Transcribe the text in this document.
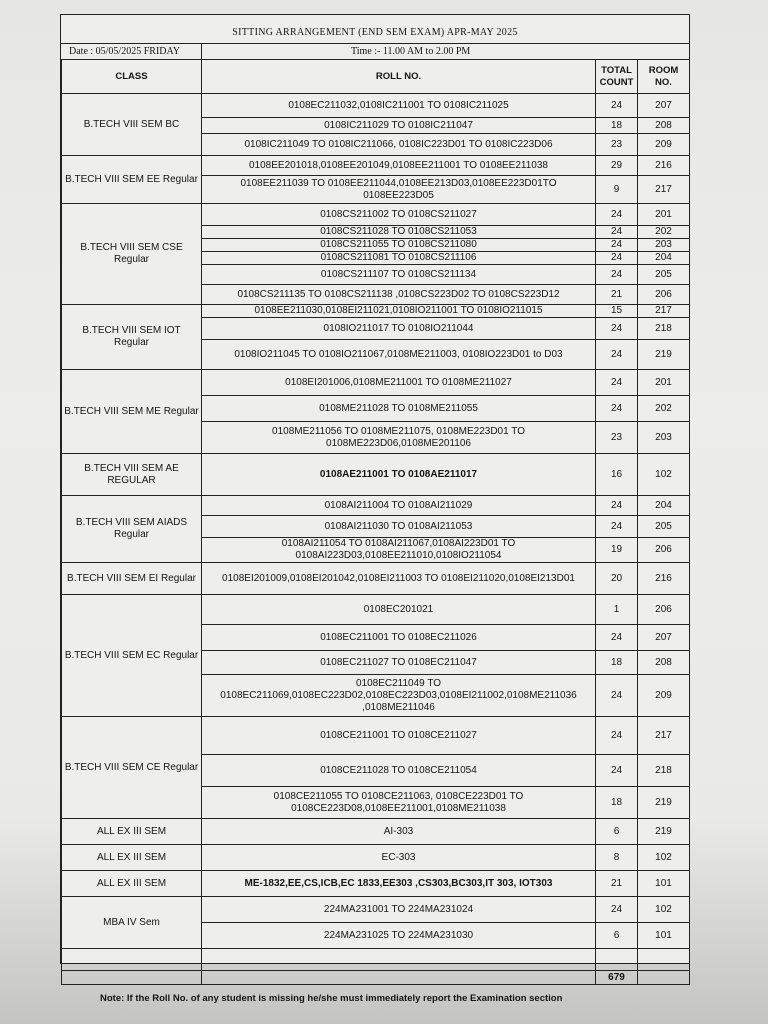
SITTING ARRANGEMENT (END SEM EXAM) APR-MAY 2025
Date : 05/05/2025 FRIDAY	Time :- 11.00 AM to 2.00 PM
CLASS	ROLL NO.	TOTAL COUNT	ROOM NO.
B.TECH VIII SEM BC	0108EC211032,0108IC211001 TO 0108IC211025	24	207
	0108IC211029 TO 0108IC211047	18	208
	0108IC211049 TO 0108IC211066, 0108IC223D01 TO 0108IC223D06	23	209
B.TECH VIII SEM EE Regular	0108EE201018,0108EE201049,0108EE211001 TO 0108EE211038	29	216
	0108EE211039 TO 0108EE211044,0108EE213D03,0108EE223D01TO 0108EE223D05	9	217
B.TECH VIII SEM CSE Regular	0108CS211002 TO 0108CS211027	24	201
	0108CS211028 TO 0108CS211053	24	202
	0108CS211055 TO 0108CS211080	24	203
	0108CS211081 TO 0108CS211106	24	204
	0108CS211107 TO 0108CS211134	24	205
	0108CS211135 TO 0108CS211138 ,0108CS223D02 TO 0108CS223D12	21	206
B.TECH VIII SEM IOT Regular	0108EE211030,0108EI211021,0108IO211001 TO 0108IO211015	15	217
	0108IO211017 TO 0108IO211044	24	218
	0108IO211045 TO 0108IO211067,0108ME211003, 0108IO223D01 to D03	24	219
B.TECH VIII SEM ME Regular	0108EI201006,0108ME211001 TO 0108ME211027	24	201
	0108ME211028 TO 0108ME211055	24	202
	0108ME211056 TO 0108ME211075, 0108ME223D01 TO 0108ME223D06,0108ME201106	23	203
B.TECH VIII SEM AE REGULAR	0108AE211001 TO 0108AE211017	16	102
B.TECH VIII SEM AIADS Regular	0108AI211004 TO 0108AI211029	24	204
	0108AI211030 TO 0108AI211053	24	205
	0108AI211054 TO 0108AI211067,0108AI223D01 TO 0108AI223D03,0108EE211010,0108IO211054	19	206
B.TECH VIII SEM EI Regular	0108EI201009,0108EI201042,0108EI211003 TO 0108EI211020,0108EI213D01	20	216
B.TECH VIII SEM EC Regular	0108EC201021	1	206
	0108EC211001 TO 0108EC211026	24	207
	0108EC211027 TO 0108EC211047	18	208
	0108EC211049 TO 0108EC211069,0108EC223D02,0108EC223D03,0108EI211002,0108ME211036 ,0108ME211046	24	209
B.TECH VIII SEM CE Regular	0108CE211001 TO 0108CE211027	24	217
	0108CE211028 TO 0108CE211054	24	218
	0108CE211055 TO 0108CE211063, 0108CE223D01 TO 0108CE223D08,0108EE211001,0108ME211038	18	219
ALL EX III SEM	AI-303	6	219
ALL EX III SEM	EC-303	8	102
ALL EX III SEM	ME-1832,EE,CS,ICB,EC 1833,EE303 ,CS303,BC303,IT 303, IOT303	21	101
MBA IV Sem	224MA231001 TO 224MA231024	24	102
	224MA231025 TO 224MA231030	6	101

		679	
Note: If the Roll No. of any student is missing he/she must immediately report the Examination section
